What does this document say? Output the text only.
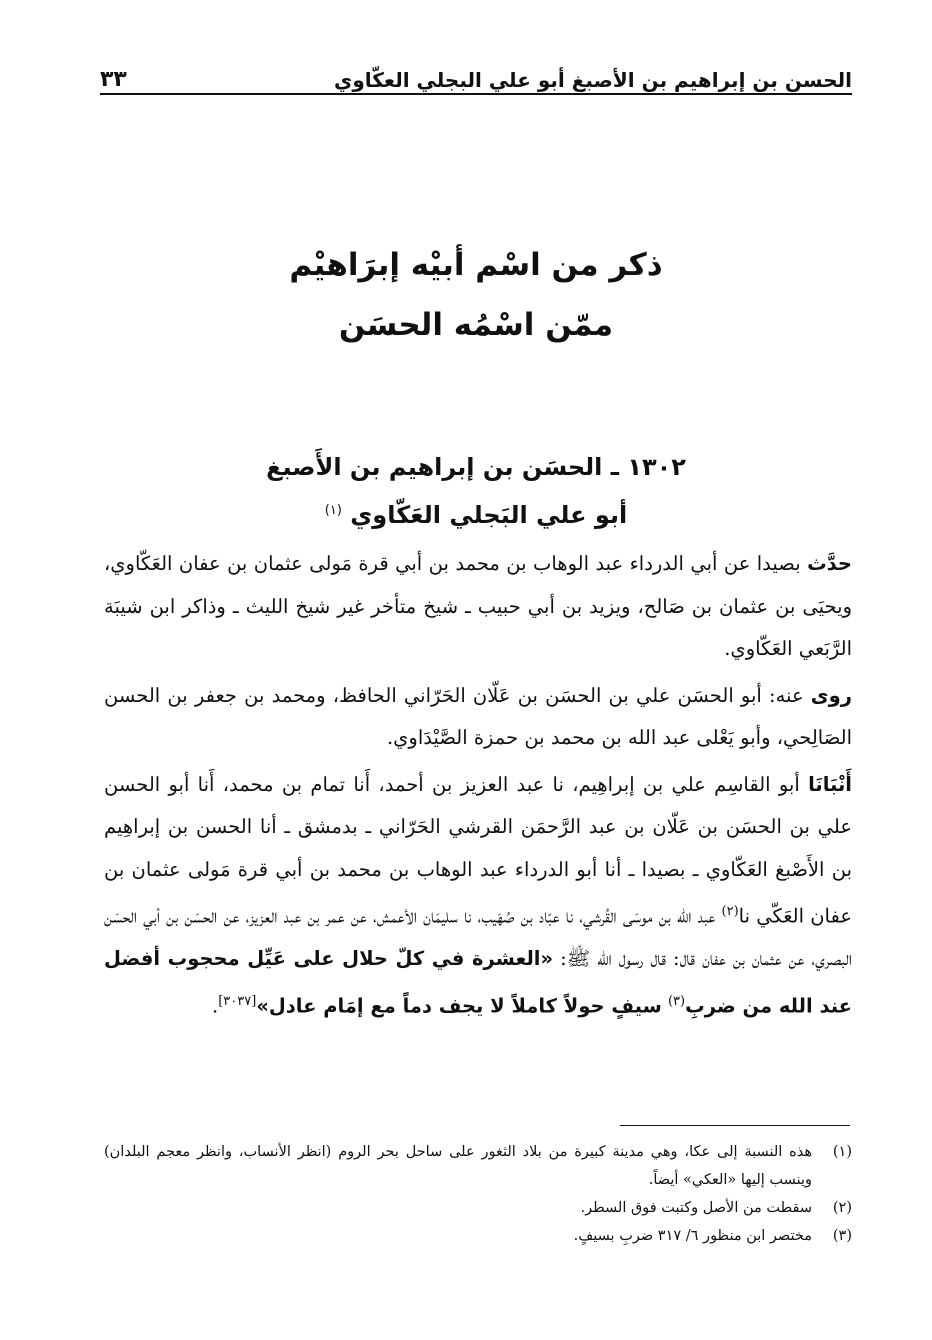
الحسن بن إبراهيم بن الأصبغ أبو علي البجلي العكّاوي
٣٣
ذكر من اسْم أبيْه إبرَاهيْم
ممّن اسْمُه الحسَن
١٣٠٢ ـ الحسَن بن إبراهيم بن الأَصبغ
أبو علي البَجلي العَكّاوي $^{(١)}$

حدَّث بصيدا عن أبي الدرداء عبد الوهاب بن محمد بن أبي قرة مَولى عثمان بن عفان العَكّاوي، ويحيَى بن عثمان بن صَالح، ويزيد بن أبي حبيب ـ شيخ متأخر غير شيخ الليث ـ وذاكر ابن شيبَة الرَّبَعي العَكّاوي.

روى عنه: أبو الحسَن علي بن الحسَن بن عَلّان الحَرّاني الحافظ، ومحمد بن جعفر بن الحسن الصَالِحي، وأبو يَعْلى عبد الله بن محمد بن حمزة الصَّيْدَاوي.

أَنْبَانَا أبو القاسِم علي بن إبراهِيم، نا عبد العزيز بن أحمد، أَنا تمام بن محمد، أَنا أبو الحسن علي بن الحسَن بن عَلّان بن عبد الرَّحمَن القرشي الحَرّاني ـ بدمشق ـ أنا الحسن بن إبراهِيم بن الأَصْبغ العَكّاوي ـ بصيدا ـ أنا أبو الدرداء عبد الوهاب بن محمد بن أبي قرة مَولى عثمان بن عفان العَكّي نا$^{(٢)}$ عبد اللّه بن موسَى القُرشي، نا عبّاد بن صُهَيب، نا سليمَان الأعمش، عن عمر بن عبد العزيز، عن الحسَن بن أبي الحسَن البصري، عن عثمان بن عفان قال: قال رسول الله ﷺ: «العشرة في كلّ حلال على عَيِّل محجوب أفضل عند الله من ضربِ$^{(٣)}$ سيفٍ حولاً كاملاً لا يجف دماً مع إمَام عادل»[٣٠٣٧].

(١)
هذه النسبة إلى عكا، وهي مدينة كبيرة من بلاد الثغور على ساحل بحر الروم (انظر الأنساب، وانظر معجم البلدان) وينسب إليها «العكي» أيضاً.
(٢)
سقطت من الأصل وكتبت فوق السطر.
(٣)
مختصر ابن منظور ٦/ ٣١٧ ضربِ بسيفٍ.
